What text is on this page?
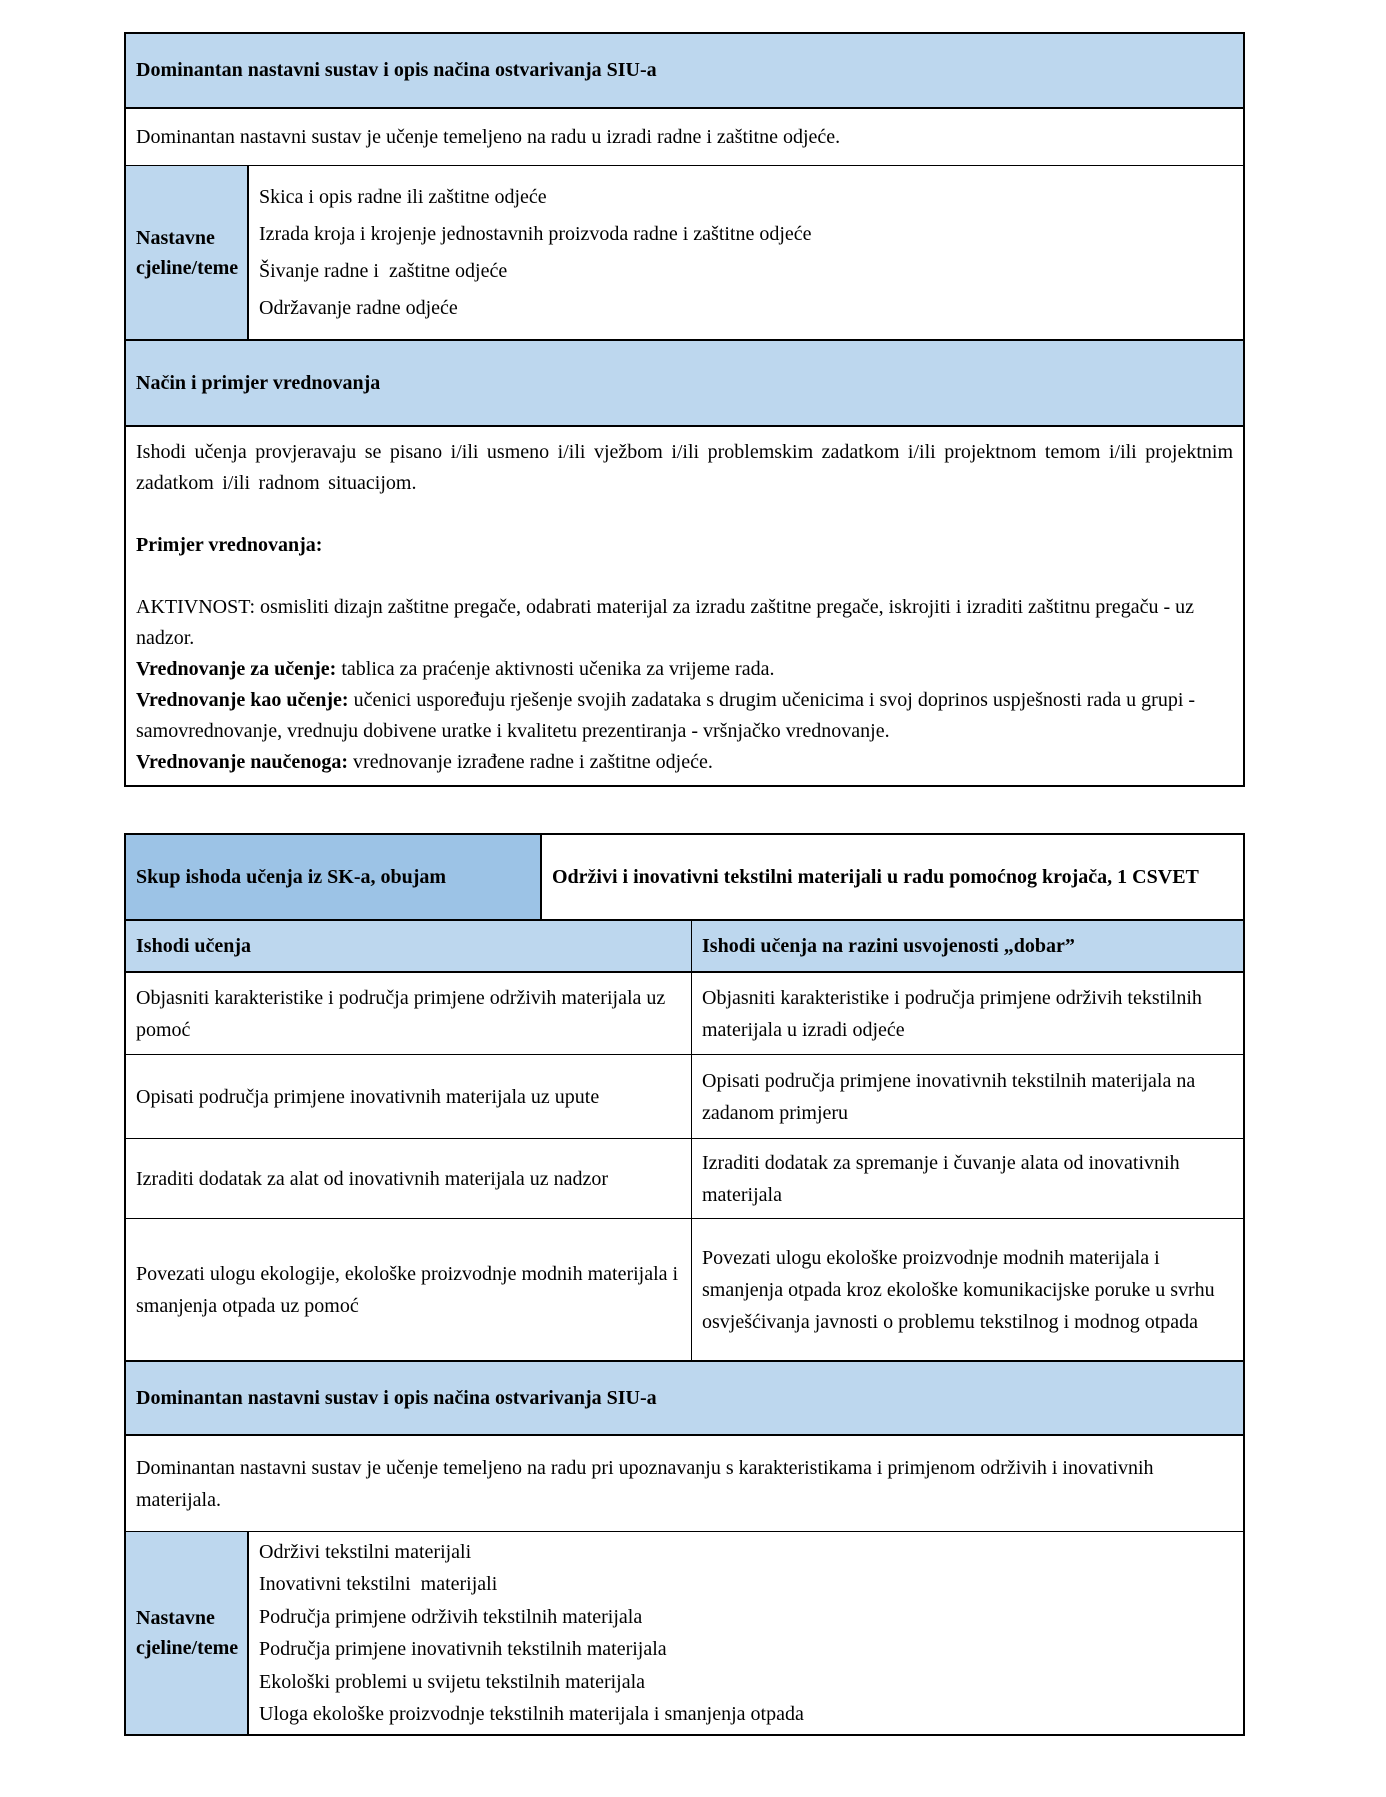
Dominantan nastavni sustav i opis načina ostvarivanja SIU-a
Dominantan nastavni sustav je učenje temeljeno na radu u izradi radne i zaštitne odjeće.
Nastavne cjeline/teme
Skica i opis radne ili zaštitne odjeće
Izrada kroja i krojenje jednostavnih proizvoda radne i zaštitne odjeće
Šivanje radne i  zaštitne odjeće
Održavanje radne odjeće
Način i primjer vrednovanja

Ishodi učenja provjeravaju se pisano i/ili usmeno i/ili vježbom i/ili problemskim zadatkom i/ili projektnom temom i/ili projektnim zadatkom i/ili radnom situacijom.

Primjer vrednovanja:

AKTIVNOST: osmisliti dizajn zaštitne pregače, odabrati materijal za izradu zaštitne pregače, iskrojiti i izraditi zaštitnu pregaču - uz nadzor.

Vrednovanje za učenje: tablica za praćenje aktivnosti učenika za vrijeme rada.

Vrednovanje kao učenje: učenici uspoređuju rješenje svojih zadataka s drugim učenicima i svoj doprinos uspješnosti rada u grupi - samovrednovanje, vrednuju dobivene uratke i kvalitetu prezentiranja - vršnjačko vrednovanje.

Vrednovanje naučenoga: vrednovanje izrađene radne i zaštitne odjeće.

Skup ishoda učenja iz SK-a, obujam	Održivi i inovativni tekstilni materijali u radu pomoćnog krojača, 1 CSVET
Ishodi učenja	Ishodi učenja na razini usvojenosti „dobar”
Objasniti karakteristike i područja primjene održivih materijala uz pomoć
Objasniti karakteristike i područja primjene održivih tekstilnih materijala u izradi odjeće
Opisati područja primjene inovativnih materijala uz upute
Opisati područja primjene inovativnih tekstilnih materijala na zadanom primjeru
Izraditi dodatak za alat od inovativnih materijala uz nadzor
Izraditi dodatak za spremanje i čuvanje alata od inovativnih materijala
Povezati ulogu ekologije, ekološke proizvodnje modnih materijala i smanjenja otpada uz pomoć
Povezati ulogu ekološke proizvodnje modnih materijala i smanjenja otpada kroz ekološke komunikacijske poruke u svrhu osvješćivanja javnosti o problemu tekstilnog i modnog otpada
Dominantan nastavni sustav i opis načina ostvarivanja SIU-a
Dominantan nastavni sustav je učenje temeljeno na radu pri upoznavanju s karakteristikama i primjenom održivih i inovativnih materijala.
Nastavne cjeline/teme
Održivi tekstilni materijali
Inovativni tekstilni  materijali
Područja primjene održivih tekstilnih materijala
Područja primjene inovativnih tekstilnih materijala
Ekološki problemi u svijetu tekstilnih materijala
Uloga ekološke proizvodnje tekstilnih materijala i smanjenja otpada
